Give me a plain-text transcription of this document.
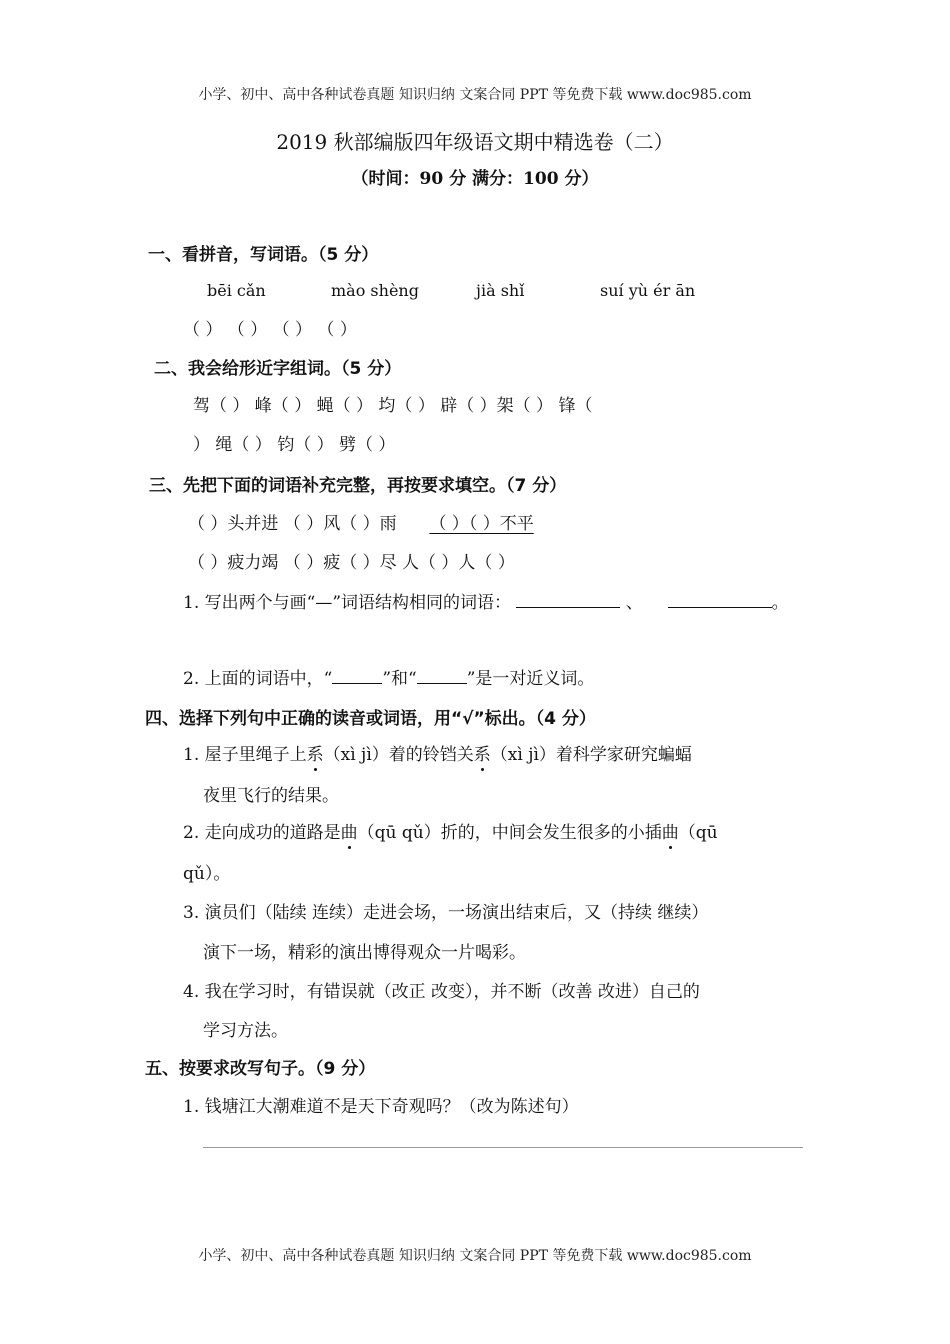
小学、初中、高中各种试卷真题 知识归纳 文案合同 PPT 等免费下载 www.doc985.com
2019 秋部编版四年级语文期中精选卷（二）
（时间：90 分 满分：100 分）
一、看拼音，写词语。（5 分）
bēi cǎn	mào shèng	jià shǐ	suí yù ér ān
（ ） （ ） （ ） （ ）
二、我会给形近字组词。（5 分）
驾（ ） 峰（ ） 蝇（ ） 均（ ） 辟（ ）架（ ） 锋（
） 绳（ ） 钧（ ） 劈（ ）
三、先把下面的词语补充完整，再按要求填空。（7 分）
（ ）头并进 （ ）风（ ）雨 （ ）（ ）不平
（ ）疲力竭 （ ）疲（ ）尽 人（ ）人（ ）
1. 写出两个与画“—”词语结构相同的词语：	、	。
2. 上面的词语中，“	”和“	”是一对近义词。
四、选择下列句中正确的读音或词语，用“√”标出。（4 分）
1. 屋子里绳子上系（xì jì）着的铃铛关系（xì jì）着科学家研究蝙蝠
夜里飞行的结果。
2. 走向成功的道路是曲（qū qǔ）折的，中间会发生很多的小插曲（qū
qǔ）。
3. 演员们（陆续 连续）走进会场，一场演出结束后，又（持续 继续）
演下一场，精彩的演出博得观众一片喝彩。
4. 我在学习时，有错误就（改正 改变），并不断（改善 改进）自己的
学习方法。
五、按要求改写句子。（9 分）
1. 钱塘江大潮难道不是天下奇观吗？（改为陈述句）
小学、初中、高中各种试卷真题 知识归纳 文案合同 PPT 等免费下载 www.doc985.com
